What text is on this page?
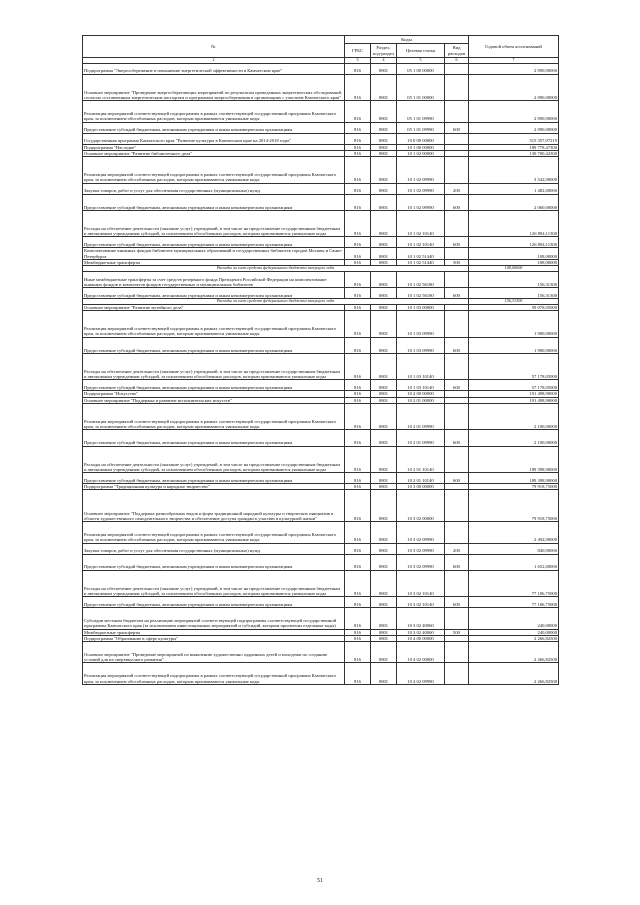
№	Коды				Годовой объем ассигнований
	ГРБС	Раздел, под-раздел	Целевая статья	Вид расходов	
2	3	4	5	6	7
Подпрограмма "Энергосбережение и повышение энергетической эффективности в Камчатском крае"	816	0801	05 1 00 00000		2 090,00000
Основное мероприятие "Проведение энергосберегающих мероприятий по результатам проведенных энергетических обследований, согласно составленным энергетическим паспортам и программам энергосбережения в организациях с участием Камчатского края"	816	0801	05 1 01 00000		2 090,00000
Реализация мероприятий соответствующей подпрограммы в рамках соответствующей государственной программы Камчатского края, за исключением обособленных расходов, которым присваиваются уникальные коды	816	0801	05 1 01 09990		2 090,00000
Предоставление субсидий бюджетным, автономным учреждениям и иным некоммерческим организациям	816	0801	05 1 01 09990	600	2 090,00000
Государственная программа Камчатского края "Развитие культуры в Камчатском крае на 2014-2018 годы"	816	0801	10 0 00 00000		515 357,07219
Подпрограмма "Наследие"	816	0801	10 1 00 00000		189 778,47300
Основное мероприятие "Развитие библиотечного дела"	816	0801	10 1 02 00000		130 700,42300
Реализация мероприятий соответствующей подпрограммы в рамках соответствующей государственной программы Камчатского края, за исключением обособленных расходов, которым присваиваются уникальные коды	816	0801	10 1 02 09990		3 542,00000
Закупка товаров, работ и услуг для обеспечения государственных (муниципальных) нужд	816	0801	10 1 02 09990	200	1 482,00000
Предоставление субсидий бюджетным, автономным учреждениям и иным некоммерческим организациям	816	0801	10 1 02 09990	600	2 060,00000
Расходы на обеспечение деятельности (оказание услуг) учреждений, в том числе на предоставление государственным бюджетным и автономным учреждениям субсидий, за исключением обособленных расходов, которым присваиваются уникальные коды	816	0801	10 1 02 10140		126 894,11300
Предоставление субсидий бюджетным, автономным учреждениям и иным некоммерческим организациям	816	0801	10 1 02 10140	600	126 894,11300
Комплектование книжных фондов библиотек муниципальных образований и государственных библиотек городов Москвы и Санкт-Петербурга	816	0801	10 1 02 51440		108,00000
Межбюджетные трансферты	816	0801	10 1 02 51440	500	108,00000
Расходы за счет средств федерального бюджета текущего года					108,00000
Иные межбюджетные трансферты за счет средств резервного фонда Президента Российской Федерации на комплектование книжных фондов и комплектов фондов государственных и муниципальных библиотек	816	0801	10 1 02 56180		156,31300
Предоставление субсидий бюджетным, автономным учреждениям и иным некоммерческим организациям	816	0801	10 1 02 56180	600	156,31300
Расходы за счет средств федерального бюджета текущего года					156,31300
Основное мероприятие "Развитие музейного дела"	816	0801	10 1 03 00000		59 078,05000
Реализация мероприятий соответствующей подпрограммы в рамках соответствующей государственной программы Камчатского края, за исключением обособленных расходов, которым присваиваются уникальные коды	816	0801	10 1 03 09990		1 900,00000
Предоставление субсидий бюджетным, автономным учреждениям и иным некоммерческим организациям	816	0801	10 1 03 09990	600	1 900,00000
Расходы на обеспечение деятельности (оказание услуг) учреждений, в том числе на предоставление государственным бюджетным и автономным учреждениям субсидий, за исключением обособленных расходов, которым присваиваются уникальные коды	816	0801	10 1 03 10140		57 178,05000
Предоставление субсидий бюджетным, автономным учреждениям и иным некоммерческим организациям	816	0801	10 1 03 10140	600	57 178,05000
Подпрограмма "Искусство"	816	0801	10 2 00 00000		191 498,90000
Основное мероприятие "Поддержка и развитие исполнительских искусств"	816	0801	10 2 01 00000		191 498,90000
Реализация мероприятий соответствующей подпрограммы в рамках соответствующей государственной программы Камчатского края, за исключением обособленных расходов, которым присваиваются уникальные коды	816	0801	10 2 01 09990		2 100,00000
Предоставление субсидий бюджетным, автономным учреждениям и иным некоммерческим организациям	816	0801	10 2 01 09990	600	2 100,00000
Расходы на обеспечение деятельности (оказание услуг) учреждений, в том числе на предоставление государственным бюджетным и автономным учреждениям субсидий, за исключением обособленных расходов, которым присваиваются уникальные коды	816	0801	10 2 01 10140		189 398,90000
Предоставление субсидий бюджетным, автономным учреждениям и иным некоммерческим организациям	816	0801	10 2 01 10140	600	189 398,90000
Подпрограмма "Традиционная культура и народное творчество"	816	0801	10 3 00 00000		79 918,75000
Основное мероприятие "Поддержка разнообразных видов и форм традиционной народной культуры и творческих инициатив в области художественного самодеятельного творчества и обеспечение доступа граждан к участию в культурной жизни"	816	0801	10 3 02 00000		79 918,75000
Реализация мероприятий соответствующей подпрограммы в рамках соответствующей государственной программы Камчатского края, за исключением обособленных расходов, которым присваиваются уникальные коды	816	0801	10 3 02 09990		2 492,00000
Закупка товаров, работ и услуг для обеспечения государственных (муниципальных) нужд	816	0801	10 3 02 09990	200	840,00000
Предоставление субсидий бюджетным, автономным учреждениям и иным некоммерческим организациям	816	0801	10 3 02 09990	600	1 652,00000
Расходы на обеспечение деятельности (оказание услуг) учреждений, в том числе на предоставление государственным бюджетным и автономным учреждениям субсидий, за исключением обособленных расходов, которым присваиваются уникальные коды	816	0801	10 3 02 10140		77 186,75000
Предоставление субсидий бюджетным, автономным учреждениям и иным некоммерческим организациям	816	0801	10 3 02 10140	600	77 186,75000
Субсидии местным бюджетам на реализацию мероприятий соответствующей подпрограммы соответствующей государственной программы Камчатского края (за исключением инвестиционных мероприятий и субсидий, которым присвоены отдельные коды)	816	0801	10 3 02 40060		240,00000
Межбюджетные трансферты	816	0801	10 3 02 40060	500	240,00000
Подпрограмма "Образование в сфере культуры"	816	0801	10 4 00 00000		2 266,82500
Основное мероприятие "Проведение мероприятий по выявлению художественно одаренных детей и молодежи по созданию условий для их сверхвкусного развития"	816	0801	10 4 02 00000		2 266,82500
Реализация мероприятий соответствующей подпрограммы в рамках соответствующей государственной программы Камчатского края, за исключением обособленных расходов, которым присваиваются уникальные коды	816	0801	10 4 02 09990		2 266,82500
51
